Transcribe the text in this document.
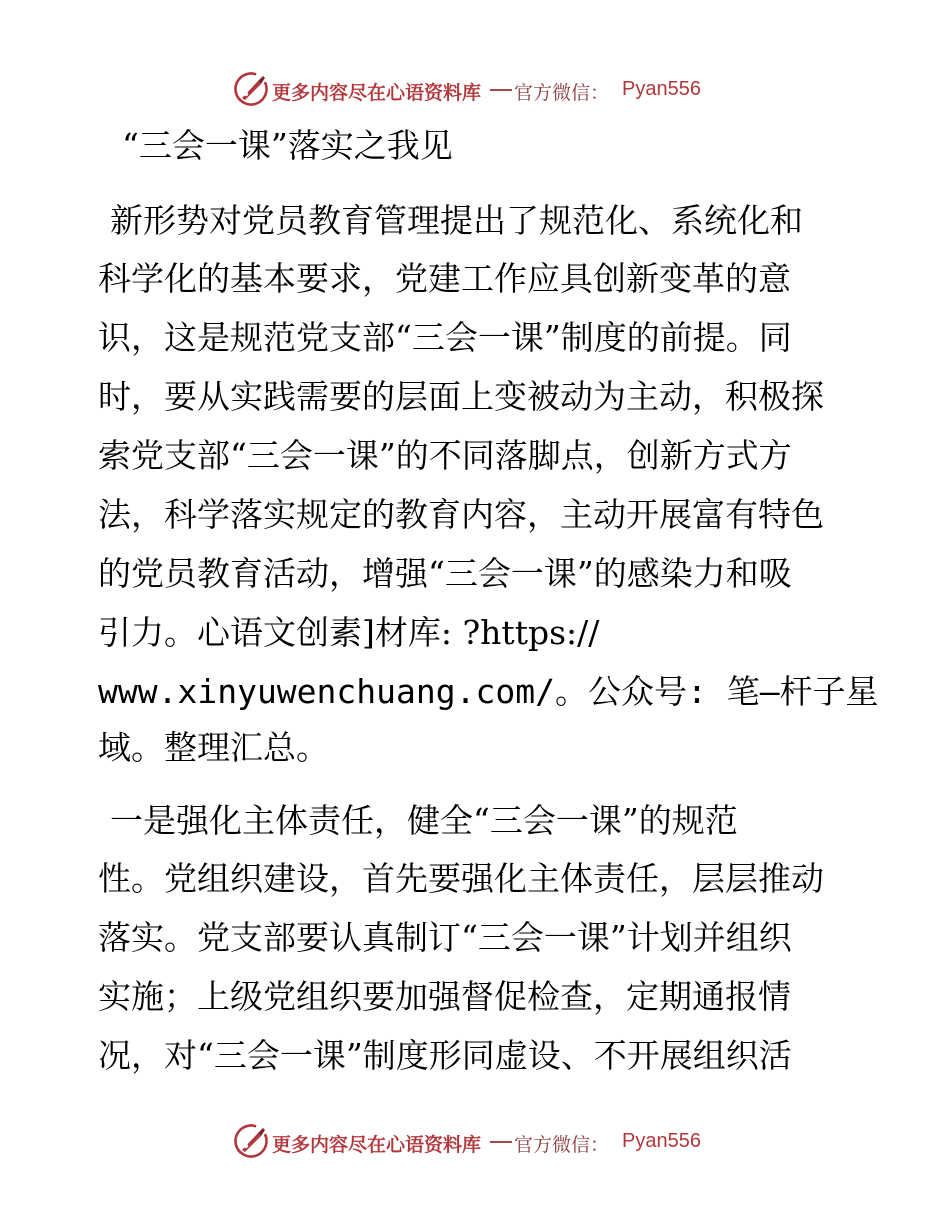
更多内容尽在心语资料库 官方微信： Pyan556
“三会一课”落实之我见

新形势对党员教育管理提出了规范化、系统化和

科学化的基本要求，党建工作应具创新变革的意

识，这是规范党支部“三会一课”制度的前提。同

时，要从实践需要的层面上变被动为主动，积极探

索党支部“三会一课”的不同落脚点，创新方式方

法，科学落实规定的教育内容，主动开展富有特色

的党员教育活动，增强“三会一课”的感染力和吸

引力。心语文创素]材库: ?https://

www.xinyuwenchuang.com/。公众号: 笔—杆子星

域。整理汇总。

一是强化主体责任，健全“三会一课”的规范

性。党组织建设，首先要强化主体责任，层层推动

落实。党支部要认真制订“三会一课”计划并组织

实施；上级党组织要加强督促检查，定期通报情

况，对“三会一课”制度形同虚设、不开展组织活

更多内容尽在心语资料库 官方微信： Pyan556
